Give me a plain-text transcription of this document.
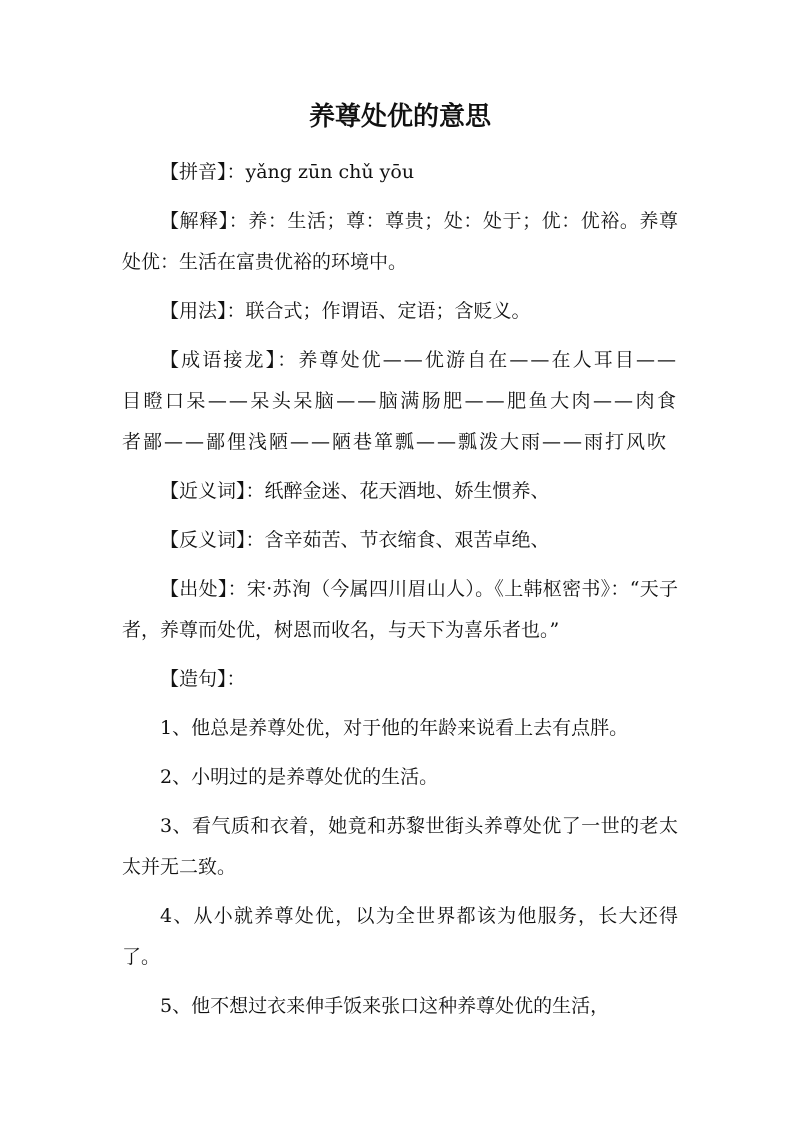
养尊处优的意思

【拼音】：yǎng zūn chǔ yōu

【解释】：养：生活；尊：尊贵；处：处于；优：优裕。养尊处优：生活在富贵优裕的环境中。

【用法】：联合式；作谓语、定语；含贬义。

【成语接龙】：养尊处优——优游自在——在人耳目——目瞪口呆——呆头呆脑——脑满肠肥——肥鱼大肉——肉食者鄙——鄙俚浅陋——陋巷箪瓢——瓢泼大雨——雨打风吹

【近义词】：纸醉金迷、花天酒地、娇生惯养、

【反义词】：含辛茹苦、节衣缩食、艰苦卓绝、

【出处】：宋·苏洵（今属四川眉山人）。《上韩枢密书》：“天子者，养尊而处优，树恩而收名，与天下为喜乐者也。”

【造句】：

1、他总是养尊处优，对于他的年龄来说看上去有点胖。

2、小明过的是养尊处优的生活。

3、看气质和衣着，她竟和苏黎世街头养尊处优了一世的老太太并无二致。

4、从小就养尊处优，以为全世界都该为他服务，长大还得了。

5、他不想过衣来伸手饭来张口这种养尊处优的生活，
